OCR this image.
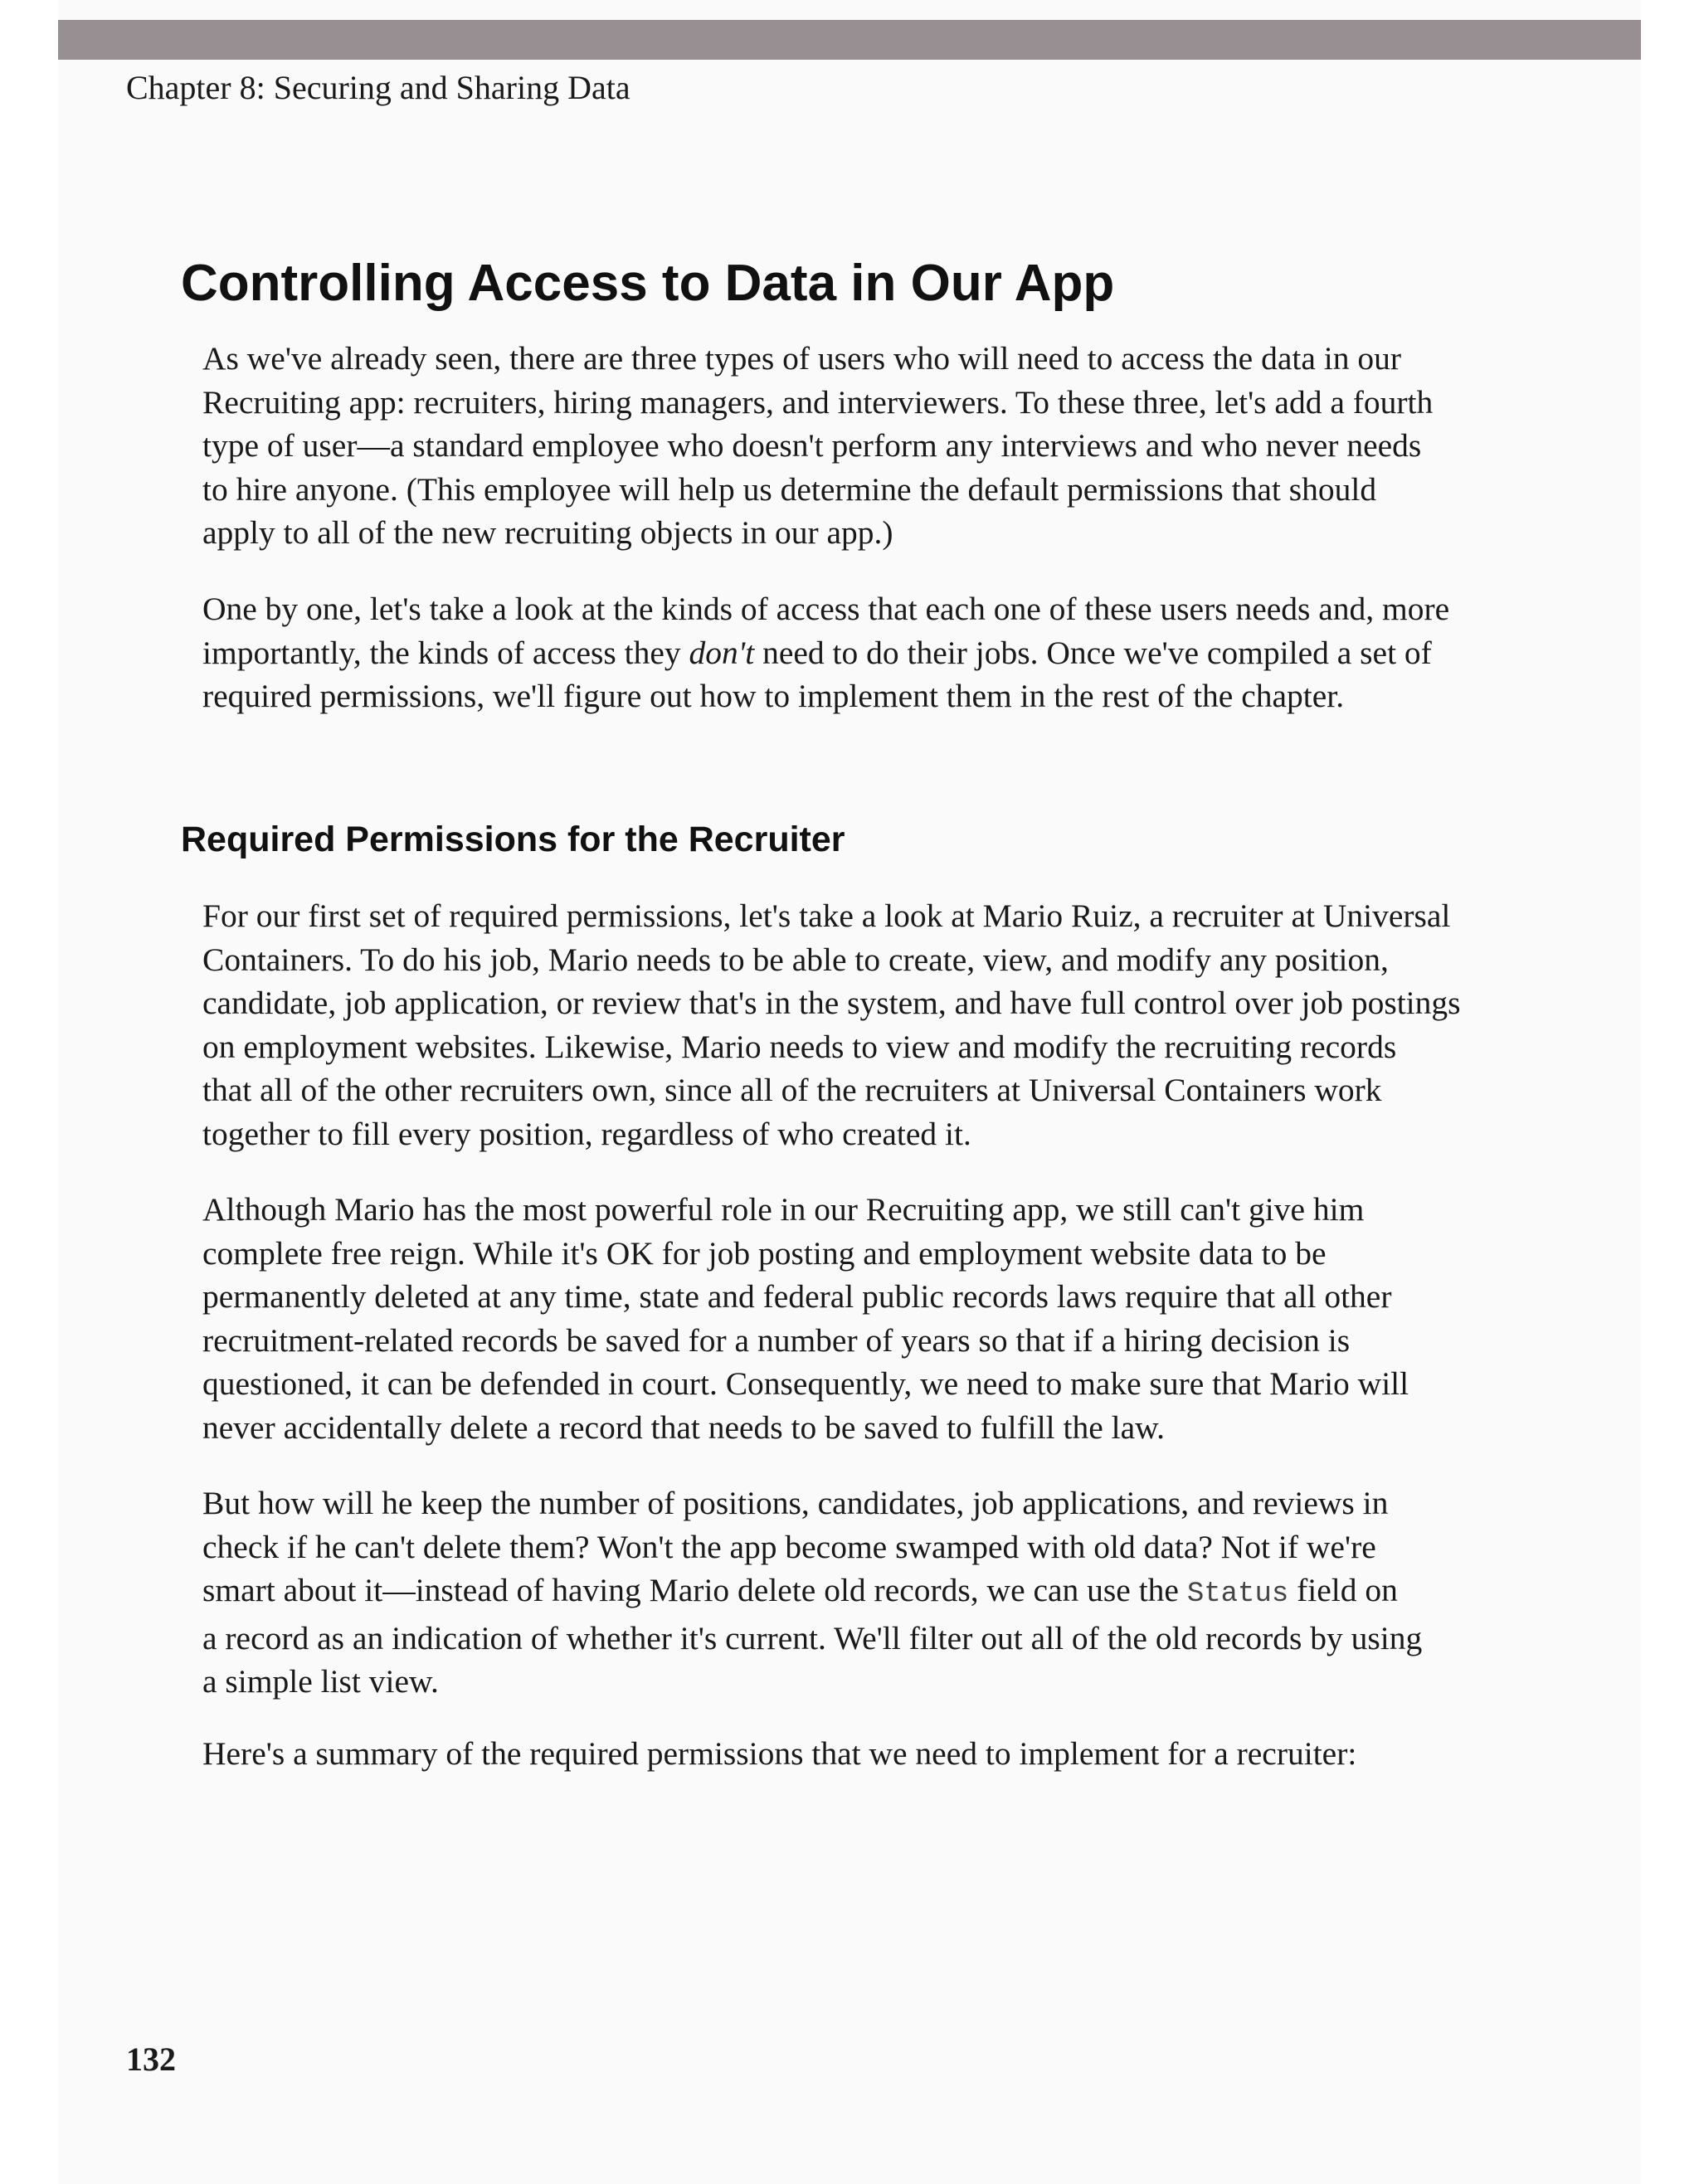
Chapter 8: Securing and Sharing Data
Controlling Access to Data in Our App

As we've already seen, there are three types of users who will need to access the data in our
Recruiting app: recruiters, hiring managers, and interviewers. To these three, let's add a fourth
type of user—a standard employee who doesn't perform any interviews and who never needs
to hire anyone. (This employee will help us determine the default permissions that should
apply to all of the new recruiting objects in our app.)

One by one, let's take a look at the kinds of access that each one of these users needs and, more
importantly, the kinds of access they don't need to do their jobs. Once we've compiled a set of
required permissions, we'll figure out how to implement them in the rest of the chapter.

Required Permissions for the Recruiter

For our first set of required permissions, let's take a look at Mario Ruiz, a recruiter at Universal
Containers. To do his job, Mario needs to be able to create, view, and modify any position,
candidate, job application, or review that's in the system, and have full control over job postings
on employment websites. Likewise, Mario needs to view and modify the recruiting records
that all of the other recruiters own, since all of the recruiters at Universal Containers work
together to fill every position, regardless of who created it.

Although Mario has the most powerful role in our Recruiting app, we still can't give him
complete free reign. While it's OK for job posting and employment website data to be
permanently deleted at any time, state and federal public records laws require that all other
recruitment-related records be saved for a number of years so that if a hiring decision is
questioned, it can be defended in court. Consequently, we need to make sure that Mario will
never accidentally delete a record that needs to be saved to fulfill the law.

But how will he keep the number of positions, candidates, job applications, and reviews in
check if he can't delete them? Won't the app become swamped with old data? Not if we're
smart about it—instead of having Mario delete old records, we can use the Status field on
a record as an indication of whether it's current. We'll filter out all of the old records by using
a simple list view.

Here's a summary of the required permissions that we need to implement for a recruiter:

132
